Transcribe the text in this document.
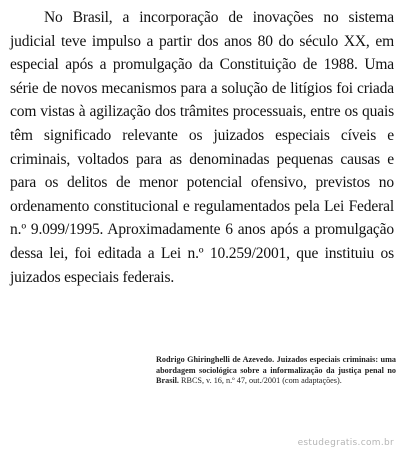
No Brasil, a incorporação de inovações no sistema judicial teve impulso a partir dos anos 80 do século XX, em especial após a promulgação da Constituição de 1988. Uma série de novos mecanismos para a solução de litígios foi criada com vistas à agilização dos trâmites processuais, entre os quais têm significado relevante os juizados especiais cíveis e criminais, voltados para as denominadas pequenas causas e para os delitos de menor potencial ofensivo, previstos no ordenamento constitucional e regulamentados pela Lei Federal n.º 9.099/1995. Aproximadamente 6 anos após a promulgação dessa lei, foi editada a Lei n.º 10.259/2001, que instituiu os juizados especiais federais.

Rodrigo Ghiringhelli de Azevedo. Juizados especiais criminais: uma abordagem sociológica sobre a informalização da justiça penal no Brasil. RBCS, v. 16, n.º 47, out./2001 (com adaptações).

estudegratis.com.br
